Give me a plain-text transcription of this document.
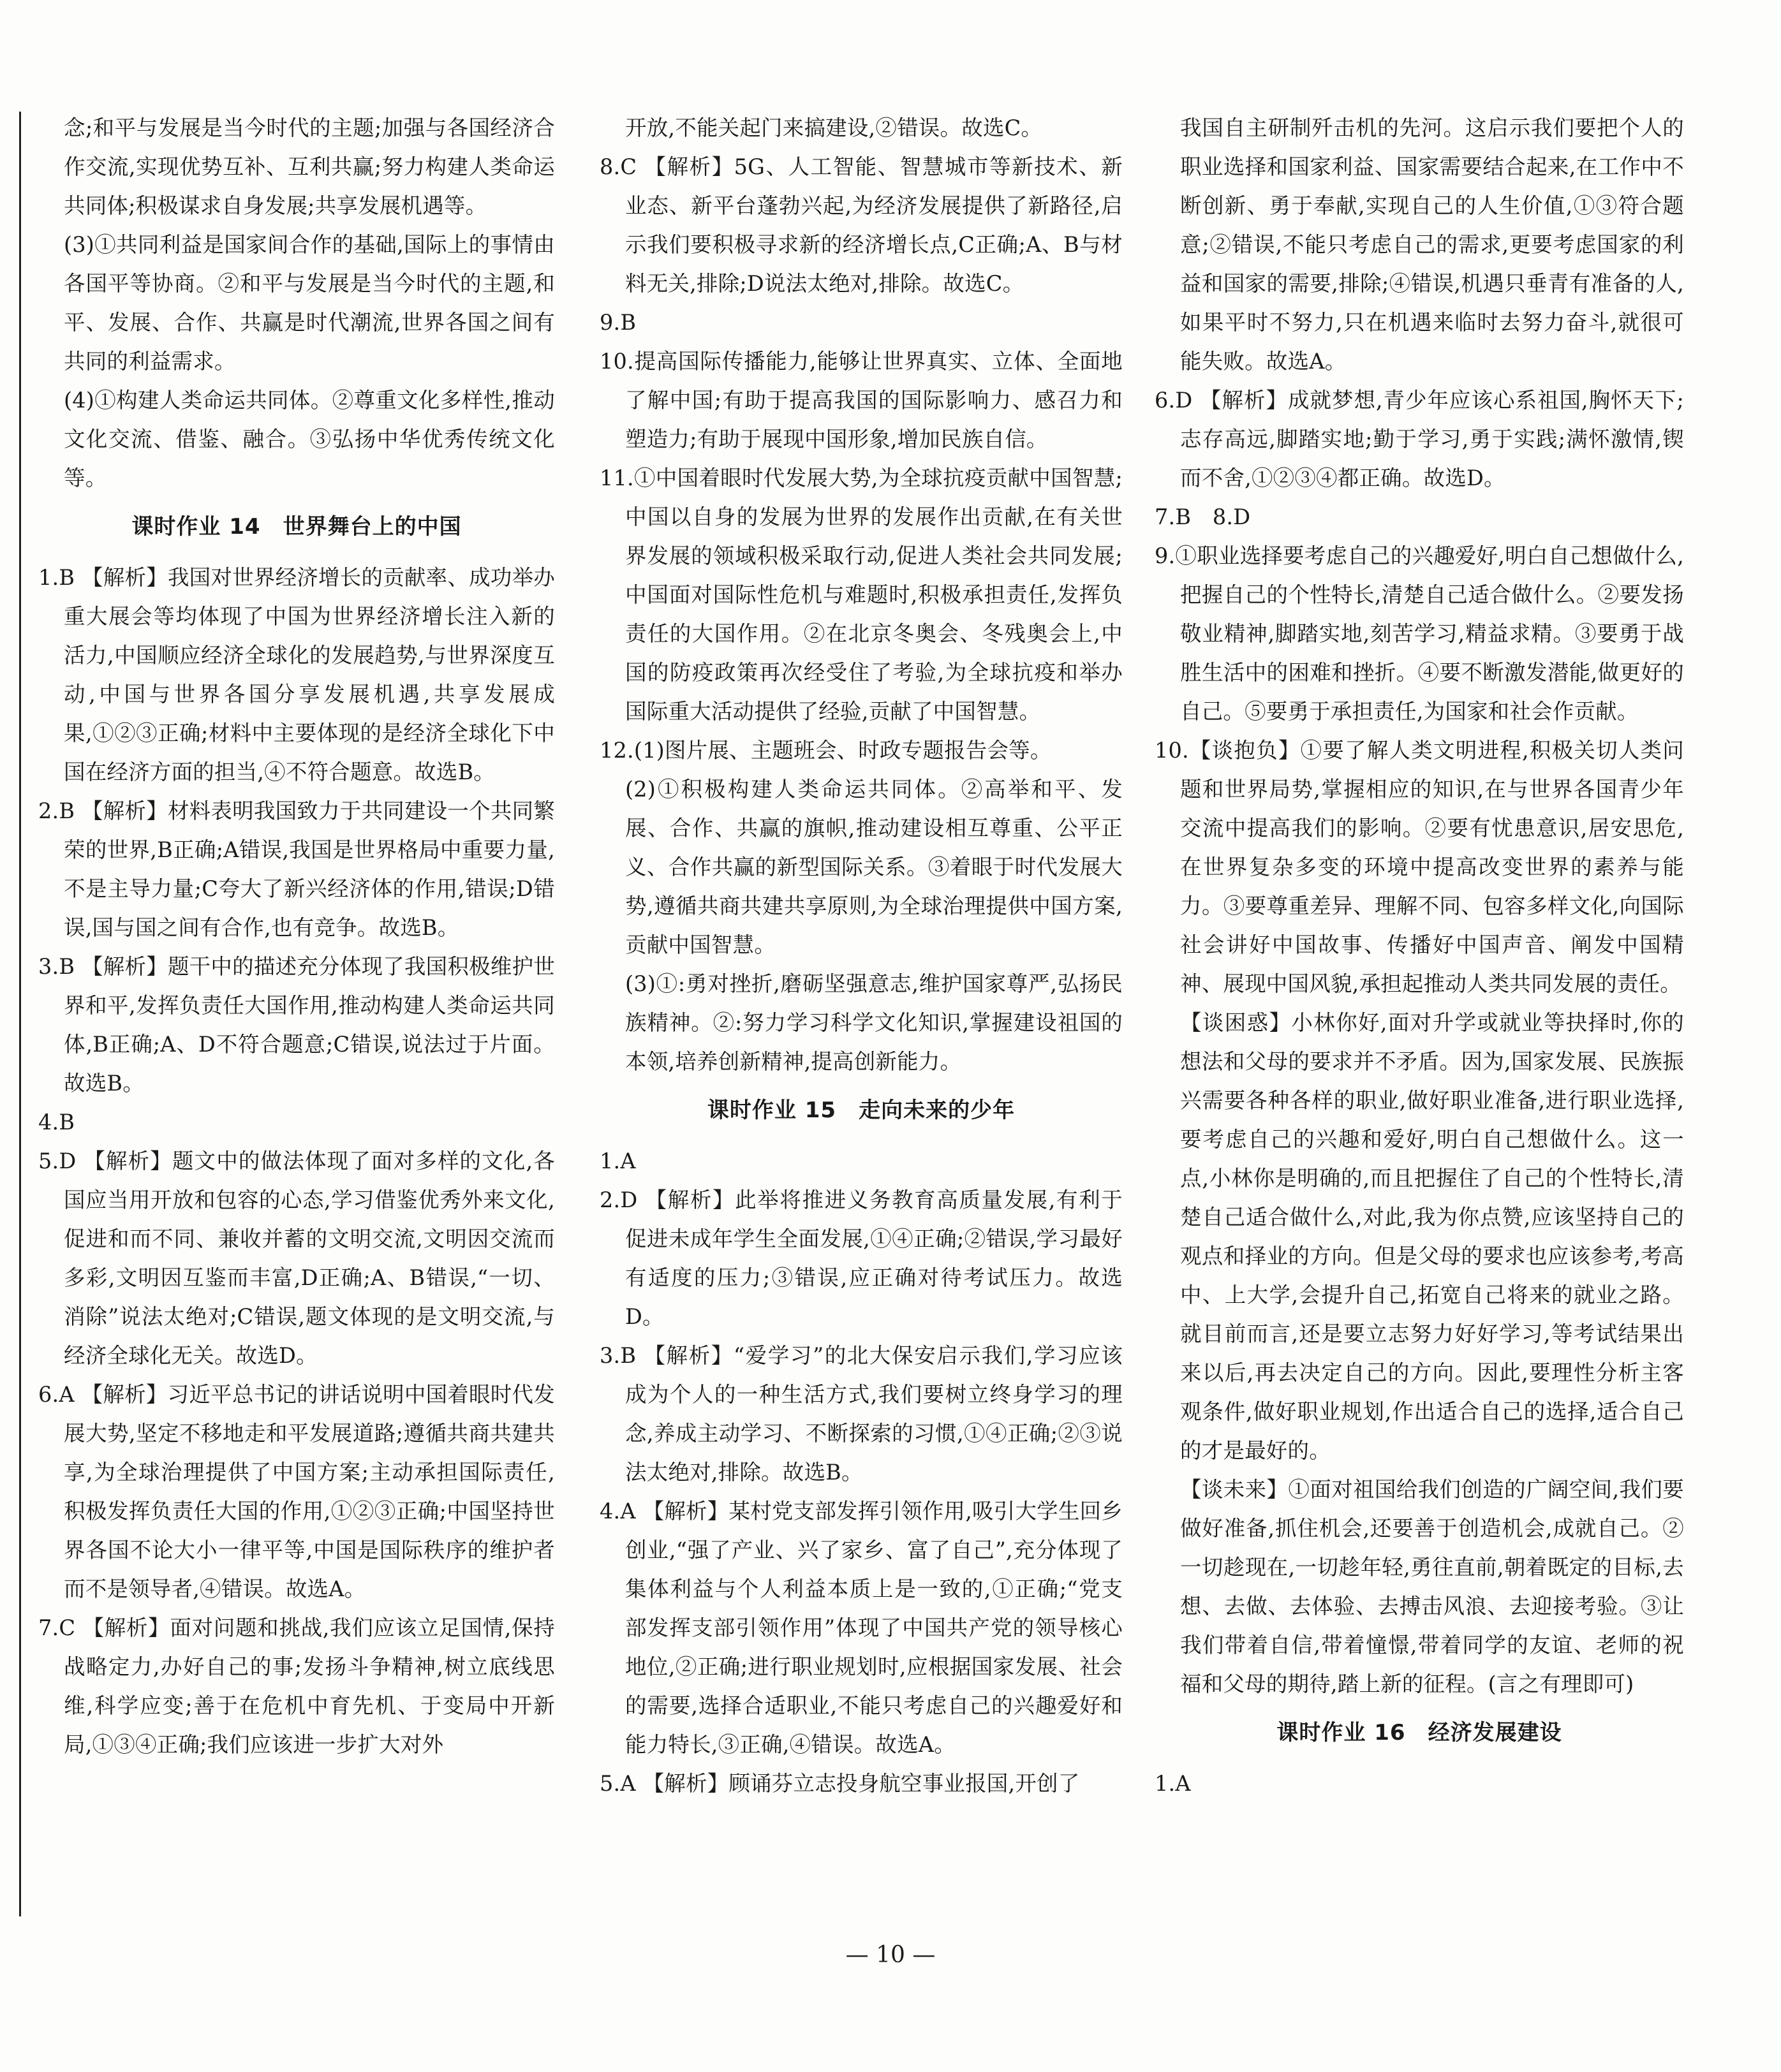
念;和平与发展是当今时代的主题;加强与各国经济合作交流,实现优势互补、互利共赢;努力构建人类命运共同体;积极谋求自身发展;共享发展机遇等。

(3)①共同利益是国家间合作的基础,国际上的事情由各国平等协商。②和平与发展是当今时代的主题,和平、发展、合作、共赢是时代潮流,世界各国之间有共同的利益需求。

(4)①构建人类命运共同体。②尊重文化多样性,推动文化交流、借鉴、融合。③弘扬中华优秀传统文化等。

课时作业 14　世界舞台上的中国

1.B 【解析】我国对世界经济增长的贡献率、成功举办重大展会等均体现了中国为世界经济增长注入新的活力,中国顺应经济全球化的发展趋势,与世界深度互动,中国与世界各国分享发展机遇,共享发展成果,①②③正确;材料中主要体现的是经济全球化下中国在经济方面的担当,④不符合题意。故选B。

2.B 【解析】材料表明我国致力于共同建设一个共同繁荣的世界,B正确;A错误,我国是世界格局中重要力量,不是主导力量;C夸大了新兴经济体的作用,错误;D错误,国与国之间有合作,也有竞争。故选B。

3.B 【解析】题干中的描述充分体现了我国积极维护世界和平,发挥负责任大国作用,推动构建人类命运共同体,B正确;A、D不符合题意;C错误,说法过于片面。故选B。

4.B

5.D 【解析】题文中的做法体现了面对多样的文化,各国应当用开放和包容的心态,学习借鉴优秀外来文化,促进和而不同、兼收并蓄的文明交流,文明因交流而多彩,文明因互鉴而丰富,D正确;A、B错误,“一切、消除”说法太绝对;C错误,题文体现的是文明交流,与经济全球化无关。故选D。

6.A 【解析】习近平总书记的讲话说明中国着眼时代发展大势,坚定不移地走和平发展道路;遵循共商共建共享,为全球治理提供了中国方案;主动承担国际责任,积极发挥负责任大国的作用,①②③正确;中国坚持世界各国不论大小一律平等,中国是国际秩序的维护者而不是领导者,④错误。故选A。

7.C 【解析】面对问题和挑战,我们应该立足国情,保持战略定力,办好自己的事;发扬斗争精神,树立底线思维,科学应变;善于在危机中育先机、于变局中开新局,①③④正确;我们应该进一步扩大对外

开放,不能关起门来搞建设,②错误。故选C。

8.C 【解析】5G、人工智能、智慧城市等新技术、新业态、新平台蓬勃兴起,为经济发展提供了新路径,启示我们要积极寻求新的经济增长点,C正确;A、B与材料无关,排除;D说法太绝对,排除。故选C。

9.B

10.提高国际传播能力,能够让世界真实、立体、全面地了解中国;有助于提高我国的国际影响力、感召力和塑造力;有助于展现中国形象,增加民族自信。

11.①中国着眼时代发展大势,为全球抗疫贡献中国智慧;中国以自身的发展为世界的发展作出贡献,在有关世界发展的领域积极采取行动,促进人类社会共同发展;中国面对国际性危机与难题时,积极承担责任,发挥负责任的大国作用。②在北京冬奥会、冬残奥会上,中国的防疫政策再次经受住了考验,为全球抗疫和举办国际重大活动提供了经验,贡献了中国智慧。

12.(1)图片展、主题班会、时政专题报告会等。

(2)①积极构建人类命运共同体。②高举和平、发展、合作、共赢的旗帜,推动建设相互尊重、公平正义、合作共赢的新型国际关系。③着眼于时代发展大势,遵循共商共建共享原则,为全球治理提供中国方案,贡献中国智慧。

(3)①:勇对挫折,磨砺坚强意志,维护国家尊严,弘扬民族精神。②:努力学习科学文化知识,掌握建设祖国的本领,培养创新精神,提高创新能力。

课时作业 15　走向未来的少年

1.A

2.D 【解析】此举将推进义务教育高质量发展,有利于促进未成年学生全面发展,①④正确;②错误,学习最好有适度的压力;③错误,应正确对待考试压力。故选D。

3.B 【解析】“爱学习”的北大保安启示我们,学习应该成为个人的一种生活方式,我们要树立终身学习的理念,养成主动学习、不断探索的习惯,①④正确;②③说法太绝对,排除。故选B。

4.A 【解析】某村党支部发挥引领作用,吸引大学生回乡创业,“强了产业、兴了家乡、富了自己”,充分体现了集体利益与个人利益本质上是一致的,①正确;“党支部发挥支部引领作用”体现了中国共产党的领导核心地位,②正确;进行职业规划时,应根据国家发展、社会的需要,选择合适职业,不能只考虑自己的兴趣爱好和能力特长,③正确,④错误。故选A。

5.A 【解析】顾诵芬立志投身航空事业报国,开创了

我国自主研制歼击机的先河。这启示我们要把个人的职业选择和国家利益、国家需要结合起来,在工作中不断创新、勇于奉献,实现自己的人生价值,①③符合题意;②错误,不能只考虑自己的需求,更要考虑国家的利益和国家的需要,排除;④错误,机遇只垂青有准备的人,如果平时不努力,只在机遇来临时去努力奋斗,就很可能失败。故选A。

6.D 【解析】成就梦想,青少年应该心系祖国,胸怀天下;志存高远,脚踏实地;勤于学习,勇于实践;满怀激情,锲而不舍,①②③④都正确。故选D。

7.B　8.D

9.①职业选择要考虑自己的兴趣爱好,明白自己想做什么,把握自己的个性特长,清楚自己适合做什么。②要发扬敬业精神,脚踏实地,刻苦学习,精益求精。③要勇于战胜生活中的困难和挫折。④要不断激发潜能,做更好的自己。⑤要勇于承担责任,为国家和社会作贡献。

10.【谈抱负】①要了解人类文明进程,积极关切人类问题和世界局势,掌握相应的知识,在与世界各国青少年交流中提高我们的影响。②要有忧患意识,居安思危,在世界复杂多变的环境中提高改变世界的素养与能力。③要尊重差异、理解不同、包容多样文化,向国际社会讲好中国故事、传播好中国声音、阐发中国精神、展现中国风貌,承担起推动人类共同发展的责任。

【谈困惑】小林你好,面对升学或就业等抉择时,你的想法和父母的要求并不矛盾。因为,国家发展、民族振兴需要各种各样的职业,做好职业准备,进行职业选择,要考虑自己的兴趣和爱好,明白自己想做什么。这一点,小林你是明确的,而且把握住了自己的个性特长,清楚自己适合做什么,对此,我为你点赞,应该坚持自己的观点和择业的方向。但是父母的要求也应该参考,考高中、上大学,会提升自己,拓宽自己将来的就业之路。就目前而言,还是要立志努力好好学习,等考试结果出来以后,再去决定自己的方向。因此,要理性分析主客观条件,做好职业规划,作出适合自己的选择,适合自己的才是最好的。

【谈未来】①面对祖国给我们创造的广阔空间,我们要做好准备,抓住机会,还要善于创造机会,成就自己。②一切趁现在,一切趁年轻,勇往直前,朝着既定的目标,去想、去做、去体验、去搏击风浪、去迎接考验。③让我们带着自信,带着憧憬,带着同学的友谊、老师的祝福和父母的期待,踏上新的征程。(言之有理即可)

课时作业 16　经济发展建设

1.A

— 10 —
